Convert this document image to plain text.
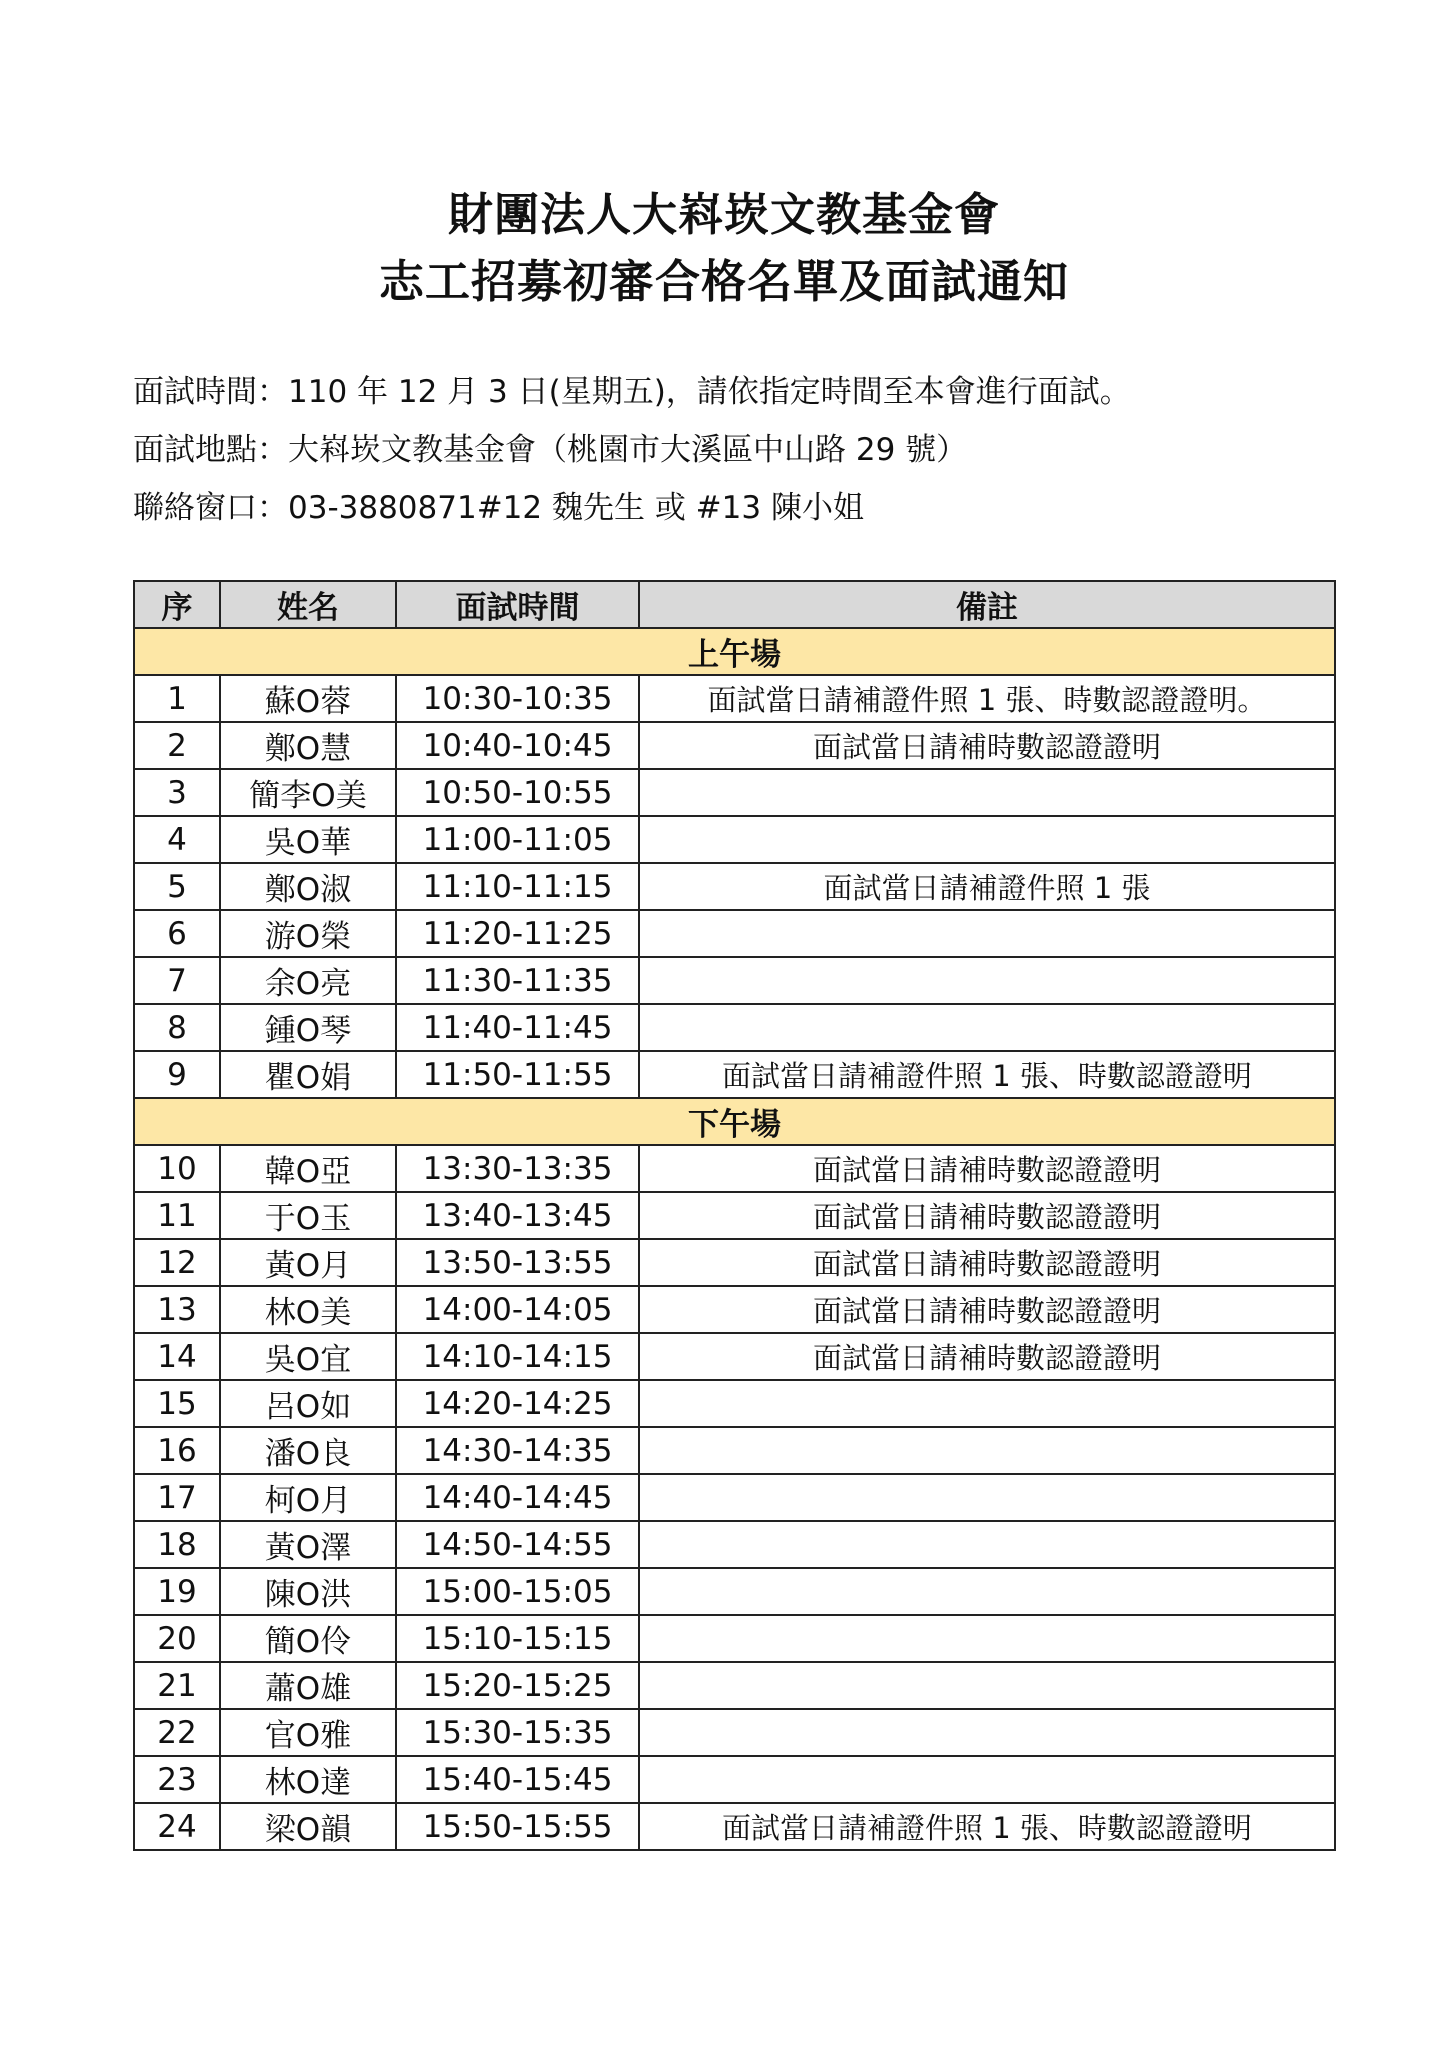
財團法人大嵙崁文教基金會
志工招募初審合格名單及面試通知
面試時間：110 年 12 月 3 日(星期五)，請依指定時間至本會進行面試。
面試地點：大嵙崁文教基金會（桃園市大溪區中山路 29 號）
聯絡窗口：03-3880871#12 魏先生 或 #13 陳小姐
序	姓名	面試時間	備註
上午場			
1	蘇O蓉	10:30-10:35	面試當日請補證件照 1 張、時數認證證明。
2	鄭O慧	10:40-10:45	面試當日請補時數認證證明
3	簡李O美	10:50-10:55	
4	吳O華	11:00-11:05	
5	鄭O淑	11:10-11:15	面試當日請補證件照 1 張
6	游O榮	11:20-11:25	
7	余O亮	11:30-11:35	
8	鍾O琴	11:40-11:45	
9	瞿O娟	11:50-11:55	面試當日請補證件照 1 張、時數認證證明
下午場			
10	韓O亞	13:30-13:35	面試當日請補時數認證證明
11	于O玉	13:40-13:45	面試當日請補時數認證證明
12	黃O月	13:50-13:55	面試當日請補時數認證證明
13	林O美	14:00-14:05	面試當日請補時數認證證明
14	吳O宜	14:10-14:15	面試當日請補時數認證證明
15	呂O如	14:20-14:25	
16	潘O良	14:30-14:35	
17	柯O月	14:40-14:45	
18	黃O澤	14:50-14:55	
19	陳O洪	15:00-15:05	
20	簡O伶	15:10-15:15	
21	蕭O雄	15:20-15:25	
22	官O雅	15:30-15:35	
23	林O達	15:40-15:45	
24	梁O韻	15:50-15:55	面試當日請補證件照 1 張、時數認證證明
